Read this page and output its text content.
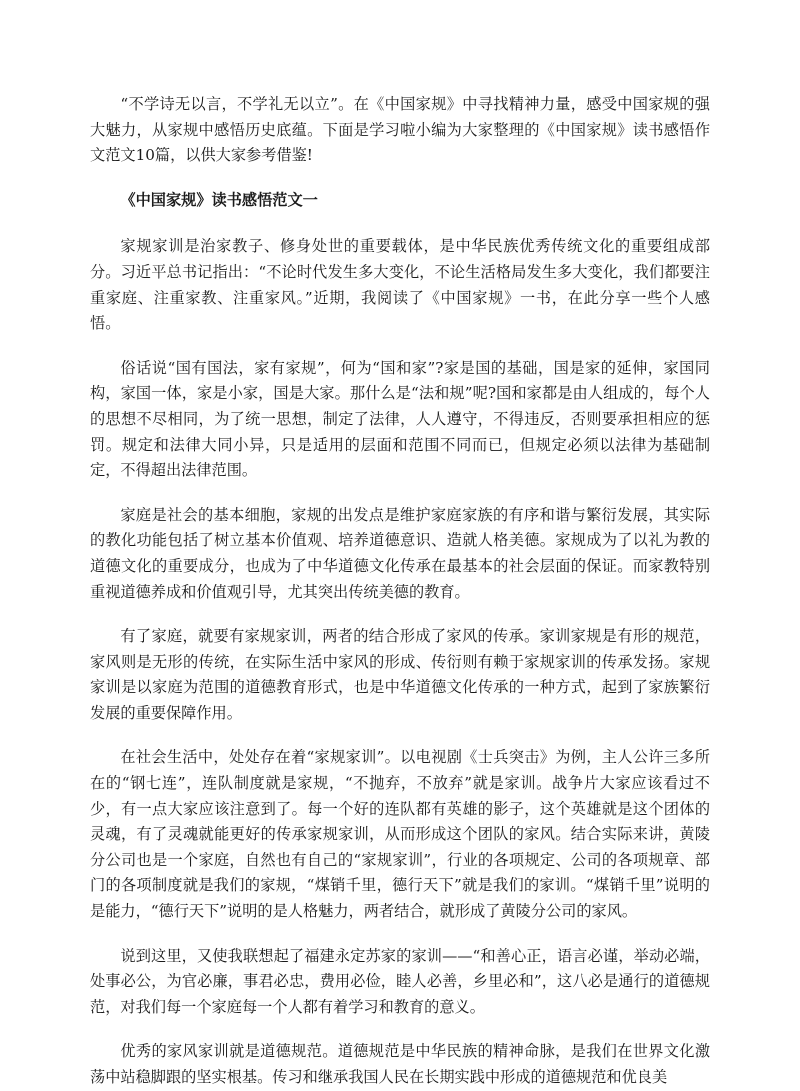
“不学诗无以言，不学礼无以立”。在《中国家规》中寻找精神力量，感受中国家规的强大魅力，从家规中感悟历史底蕴。下面是学习啦小编为大家整理的《中国家规》读书感悟作文范文10篇，以供大家参考借鉴!

《中国家规》读书感悟范文一

家规家训是治家教子、修身处世的重要载体，是中华民族优秀传统文化的重要组成部分。习近平总书记指出：“不论时代发生多大变化，不论生活格局发生多大变化，我们都要注重家庭、注重家教、注重家风。”近期，我阅读了《中国家规》一书，在此分享一些个人感悟。

俗话说“国有国法，家有家规”，何为“国和家”?家是国的基础，国是家的延伸，家国同构，家国一体，家是小家，国是大家。那什么是“法和规”呢?国和家都是由人组成的，每个人的思想不尽相同，为了统一思想，制定了法律，人人遵守，不得违反，否则要承担相应的惩罚。规定和法律大同小异，只是适用的层面和范围不同而已，但规定必须以法律为基础制定，不得超出法律范围。

家庭是社会的基本细胞，家规的出发点是维护家庭家族的有序和谐与繁衍发展，其实际的教化功能包括了树立基本价值观、培养道德意识、造就人格美德。家规成为了以礼为教的道德文化的重要成分，也成为了中华道德文化传承在最基本的社会层面的保证。而家教特别重视道德养成和价值观引导，尤其突出传统美德的教育。

有了家庭，就要有家规家训，两者的结合形成了家风的传承。家训家规是有形的规范，家风则是无形的传统，在实际生活中家风的形成、传衍则有赖于家规家训的传承发扬。家规家训是以家庭为范围的道德教育形式，也是中华道德文化传承的一种方式，起到了家族繁衍发展的重要保障作用。

在社会生活中，处处存在着“家规家训”。以电视剧《士兵突击》为例，主人公许三多所在的“钢七连”，连队制度就是家规，“不抛弃，不放弃”就是家训。战争片大家应该看过不少，有一点大家应该注意到了。每一个好的连队都有英雄的影子，这个英雄就是这个团体的灵魂，有了灵魂就能更好的传承家规家训，从而形成这个团队的家风。结合实际来讲，黄陵分公司也是一个家庭，自然也有自己的“家规家训”，行业的各项规定、公司的各项规章、部门的各项制度就是我们的家规，“煤销千里，德行天下”就是我们的家训。“煤销千里”说明的是能力，“德行天下”说明的是人格魅力，两者结合，就形成了黄陵分公司的家风。

说到这里，又使我联想起了福建永定苏家的家训——“和善心正，语言必谨，举动必端，处事必公，为官必廉，事君必忠，费用必俭，睦人必善，乡里必和”，这八必是通行的道德规范，对我们每一个家庭每一个人都有着学习和教育的意义。

优秀的家风家训就是道德规范。道德规范是中华民族的精神命脉，是我们在世界文化激荡中站稳脚跟的坚实根基。传习和继承我国人民在长期实践中形成的道德规范和优良美
